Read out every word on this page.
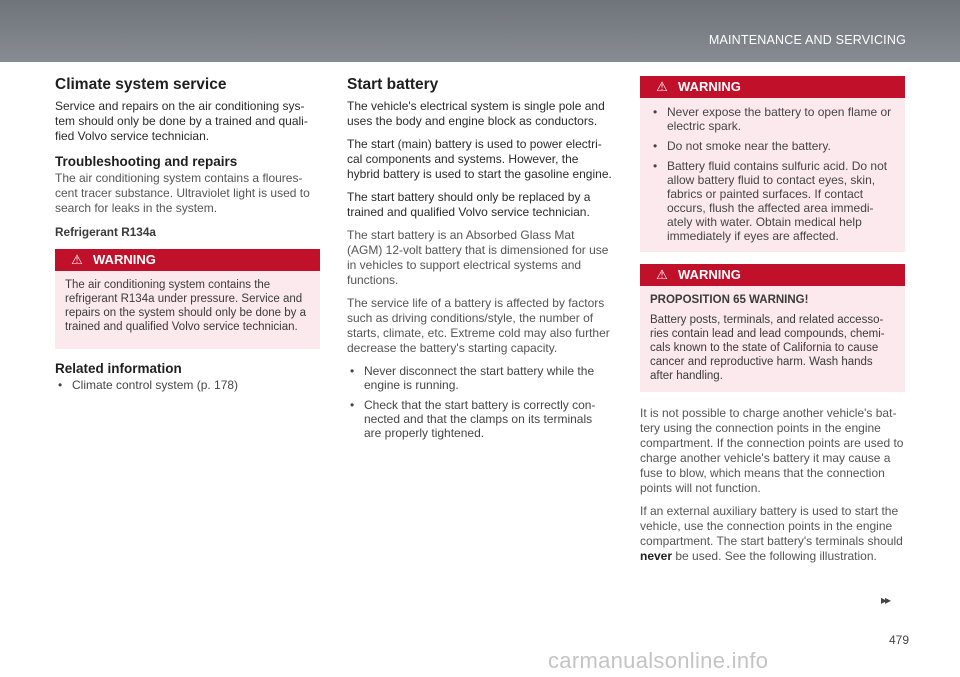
MAINTENANCE AND SERVICING
Climate system service

Service and repairs on the air conditioning sys- tem should only be done by a trained and quali- fied Volvo service technician.

Troubleshooting and repairs

The air conditioning system contains a floures- cent tracer substance. Ultraviolet light is used to search for leaks in the system.

Refrigerant R134a
⚠ WARNING

The air conditioning system contains the refrigerant R134a under pressure. Service and repairs on the system should only be done by a trained and qualified Volvo service technician.

Related information
• Climate control system (p. 178)
Start battery

The vehicle's electrical system is single pole and uses the body and engine block as conductors.

The start (main) battery is used to power electri- cal components and systems. However, the hybrid battery is used to start the gasoline engine.

The start battery should only be replaced by a trained and qualified Volvo service technician.

The start battery is an Absorbed Glass Mat (AGM) 12-volt battery that is dimensioned for use in vehicles to support electrical systems and functions.

The service life of a battery is affected by factors such as driving conditions/style, the number of starts, climate, etc. Extreme cold may also further decrease the battery's starting capacity.

• Never disconnect the start battery while the engine is running.
• Check that the start battery is correctly con- nected and that the clamps on its terminals are properly tightened.
⚠ WARNING
• Never expose the battery to open flame or electric spark.
• Do not smoke near the battery.
• Battery fluid contains sulfuric acid. Do not allow battery fluid to contact eyes, skin, fabrics or painted surfaces. If contact occurs, flush the affected area immedi- ately with water. Obtain medical help immediately if eyes are affected.
⚠ WARNING

PROPOSITION 65 WARNING!

Battery posts, terminals, and related accesso- ries contain lead and lead compounds, chemi- cals known to the state of California to cause cancer and reproductive harm. Wash hands after handling.

It is not possible to charge another vehicle's bat- tery using the connection points in the engine compartment. If the connection points are used to charge another vehicle's battery it may cause a fuse to blow, which means that the connection points will not function.

If an external auxiliary battery is used to start the vehicle, use the connection points in the engine compartment. The start battery's terminals should never be used. See the following illustration.

▸▸
479
carmanualsonline.info
